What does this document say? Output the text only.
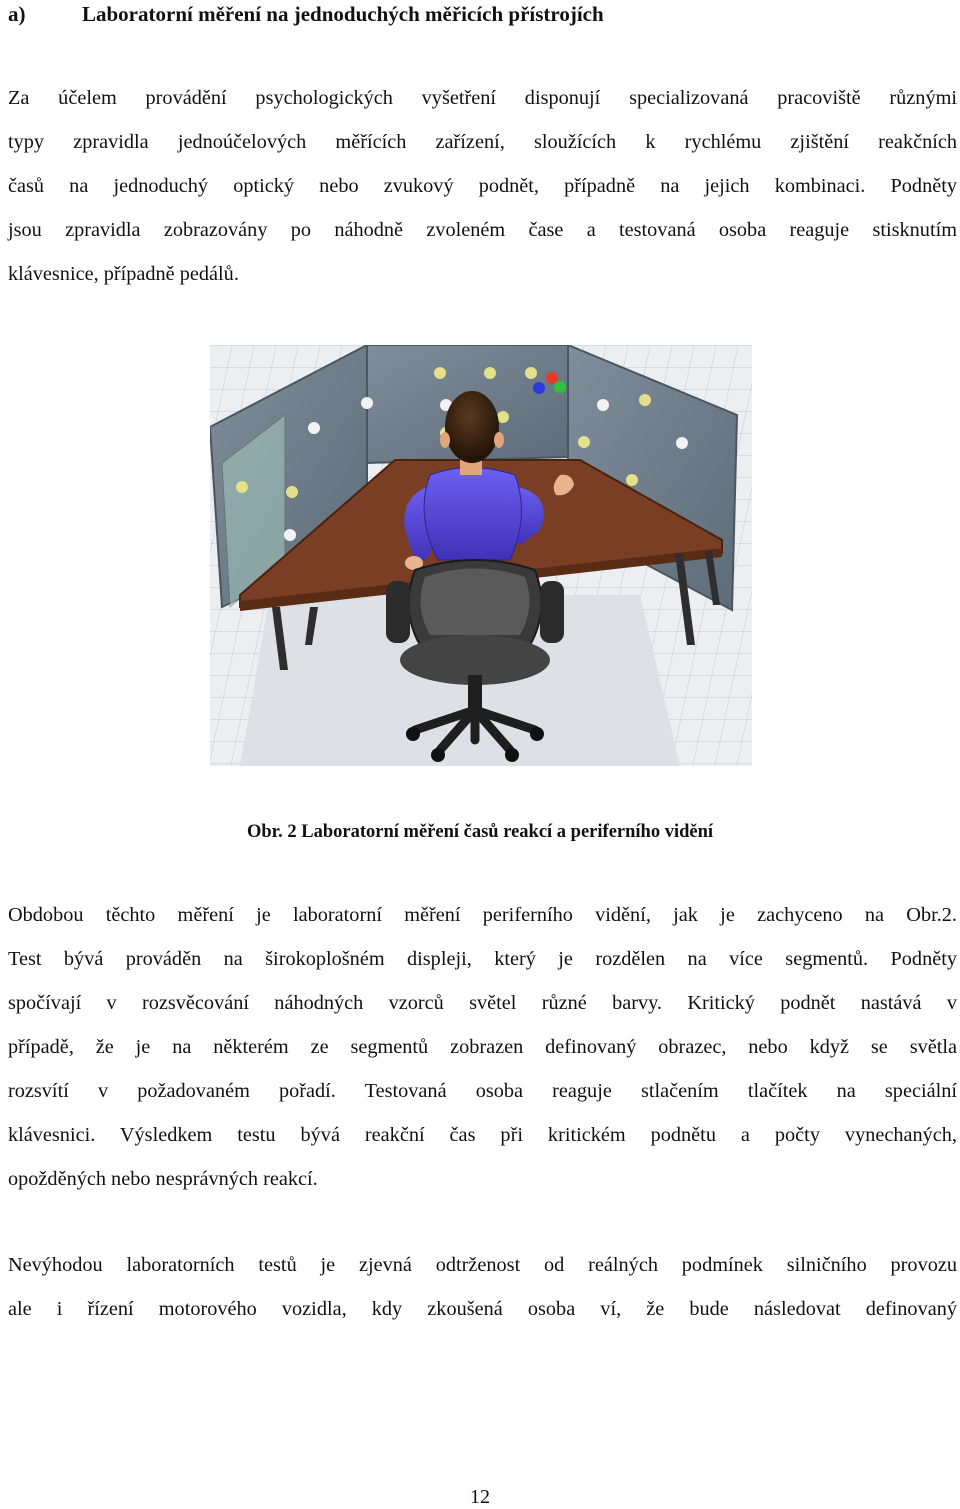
a)	Laboratorní měření na jednoduchých měřicích přístrojích
Za účelem provádění psychologických vyšetření disponují specializovaná pracoviště různými
typy zpravidla jednoúčelových měřících zařízení, sloužících k rychlému zjištění reakčních
časů na jednoduchý optický nebo zvukový podnět, případně na jejich kombinaci. Podněty
jsou zpravidla zobrazovány po náhodně zvoleném čase a testovaná osoba reaguje stisknutím
klávesnice, případně pedálů.
Obr. 2 Laboratorní měření časů reakcí a periferního vidění
Obdobou těchto měření je laboratorní měření periferního vidění, jak je zachyceno na Obr.2.
Test bývá prováděn na širokoplošném displeji, který je rozdělen na více segmentů. Podněty
spočívají v rozsvěcování náhodných vzorců světel různé barvy. Kritický podnět nastává v
případě, že je na některém ze segmentů zobrazen definovaný obrazec, nebo když se světla
rozsvítí v požadovaném pořadí. Testovaná osoba reaguje stlačením tlačítek na speciální
klávesnici. Výsledkem testu bývá reakční čas při kritickém podnětu a počty vynechaných,
opožděných nebo nesprávných reakcí.
Nevýhodou laboratorních testů je zjevná odtrženost od reálných podmínek silničního provozu
ale i řízení motorového vozidla, kdy zkoušená osoba ví, že bude následovat definovaný
12
